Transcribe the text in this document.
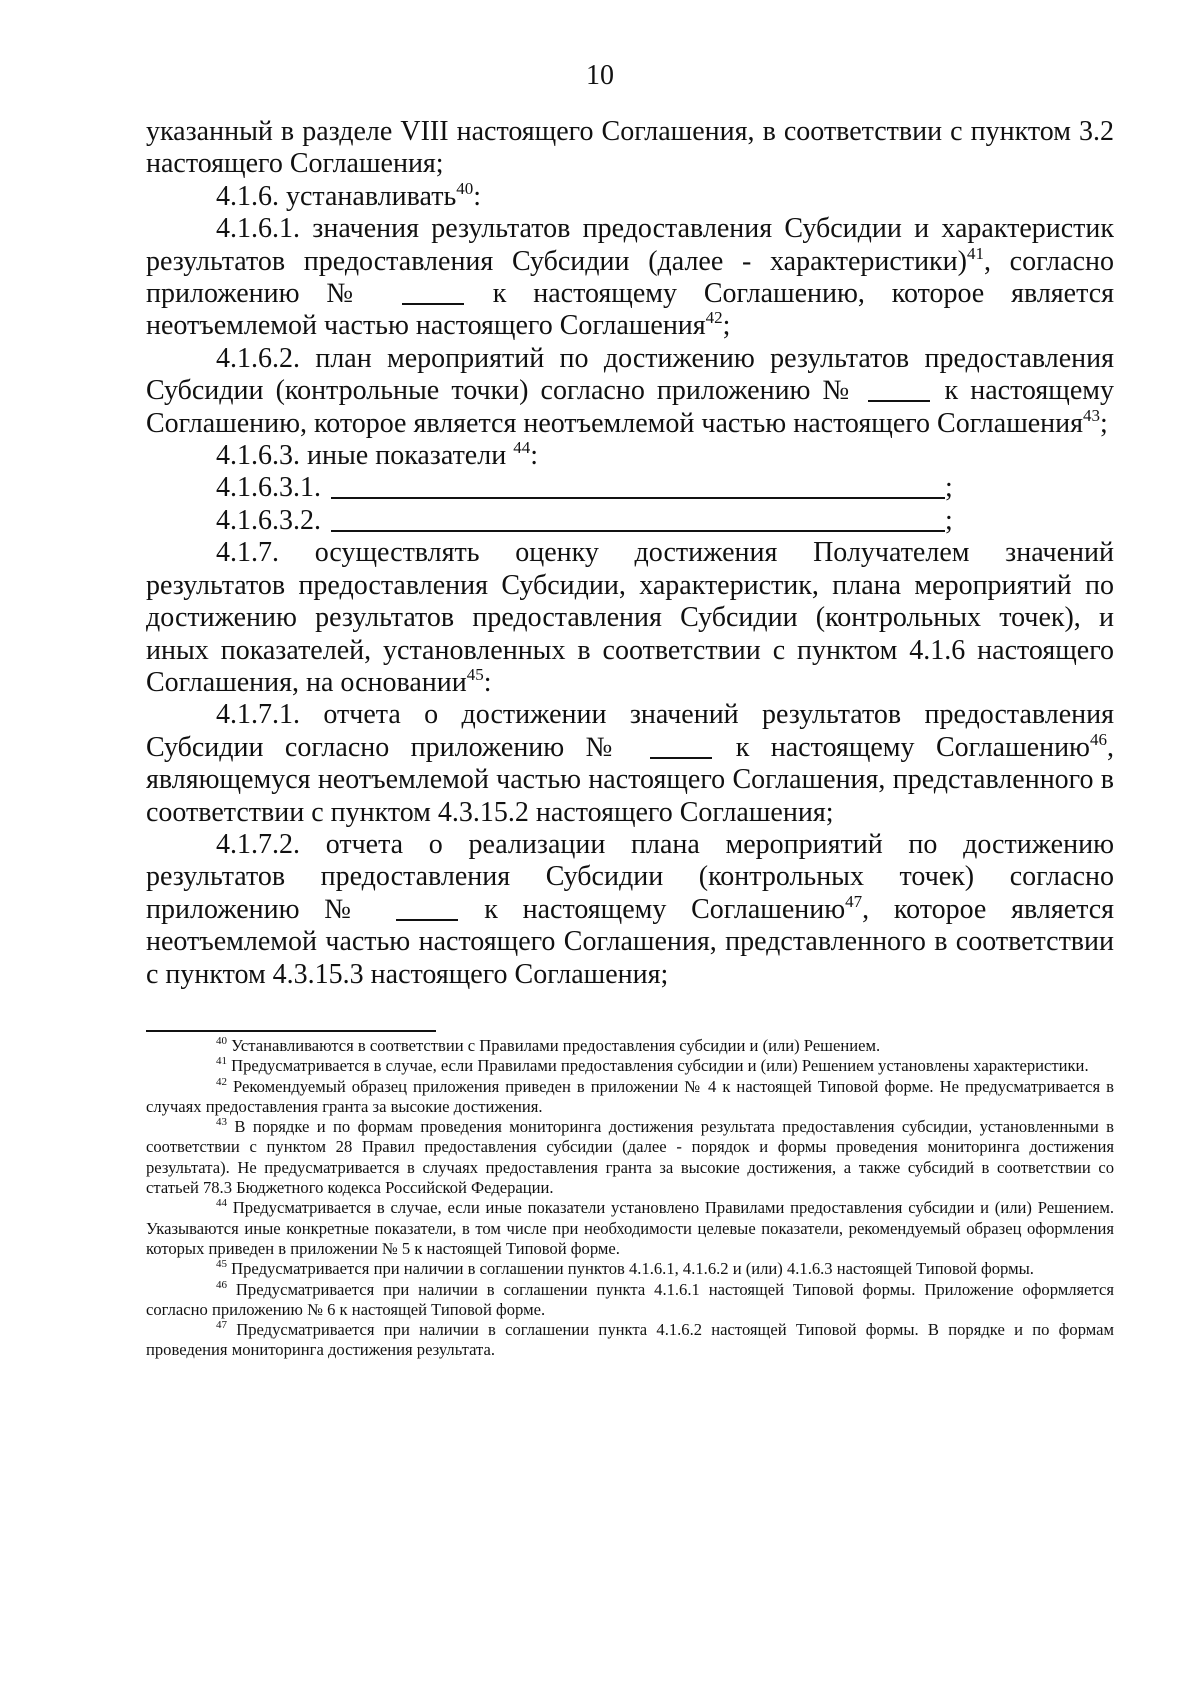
10

указанный в разделе VIII настоящего Соглашения, в соответствии с пунктом 3.2 настоящего Соглашения;

4.1.6. устанавливать$^{40}$:

4.1.6.1. значения результатов предоставления Субсидии и характеристик результатов предоставления Субсидии (далее - характеристики)$^{41}$, согласно приложению №  к настоящему Соглашению, которое является неотъемлемой частью настоящего Соглашения$^{42}$;

4.1.6.2. план мероприятий по достижению результатов предоставления Субсидии (контрольные точки) согласно приложению №  к настоящему Соглашению, которое является неотъемлемой частью настоящего Соглашения$^{43}$;

4.1.6.3. иные показатели $^{44}$:

4.1.6.3.1.	;

4.1.6.3.2.	;

4.1.7. осуществлять оценку достижения Получателем значений результатов предоставления Субсидии, характеристик, плана мероприятий по достижению результатов предоставления Субсидии (контрольных точек), и иных показателей, установленных в соответствии с пунктом 4.1.6 настоящего Соглашения, на основании$^{45}$:

4.1.7.1. отчета о достижении значений результатов предоставления Субсидии согласно приложению №  к настоящему Соглашению$^{46}$, являющемуся неотъемлемой частью настоящего Соглашения, представленного в соответствии с пунктом 4.3.15.2 настоящего Соглашения;

4.1.7.2. отчета о реализации плана мероприятий по достижению результатов предоставления Субсидии (контрольных точек) согласно приложению №  к настоящему Соглашению$^{47}$, которое является неотъемлемой частью настоящего Соглашения, представленного в соответствии с пунктом 4.3.15.3 настоящего Соглашения;

$^{40}$ Устанавливаются в соответствии с Правилами предоставления субсидии и (или) Решением.

$^{41}$ Предусматривается в случае, если Правилами предоставления субсидии и (или) Решением установлены характеристики.

$^{42}$ Рекомендуемый образец приложения приведен в приложении № 4 к настоящей Типовой форме. Не предусматривается в случаях предоставления гранта за высокие достижения.

$^{43}$ В порядке и по формам проведения мониторинга достижения результата предоставления субсидии, установленными в соответствии с пунктом 28 Правил предоставления субсидии (далее - порядок и формы проведения мониторинга достижения результата). Не предусматривается в случаях предоставления гранта за высокие достижения, а также субсидий в соответствии со статьей 78.3 Бюджетного кодекса Российской Федерации.

$^{44}$ Предусматривается в случае, если иные показатели установлено Правилами предоставления субсидии и (или) Решением. Указываются иные конкретные показатели, в том числе при необходимости целевые показатели, рекомендуемый образец оформления которых приведен в приложении № 5 к настоящей Типовой форме.

$^{45}$ Предусматривается при наличии в соглашении пунктов 4.1.6.1, 4.1.6.2 и (или) 4.1.6.3 настоящей Типовой формы.

$^{46}$ Предусматривается при наличии в соглашении пункта 4.1.6.1 настоящей Типовой формы. Приложение оформляется согласно приложению № 6 к настоящей Типовой форме.

$^{47}$ Предусматривается при наличии в соглашении пункта 4.1.6.2 настоящей Типовой формы. В порядке и по формам проведения мониторинга достижения результата.
